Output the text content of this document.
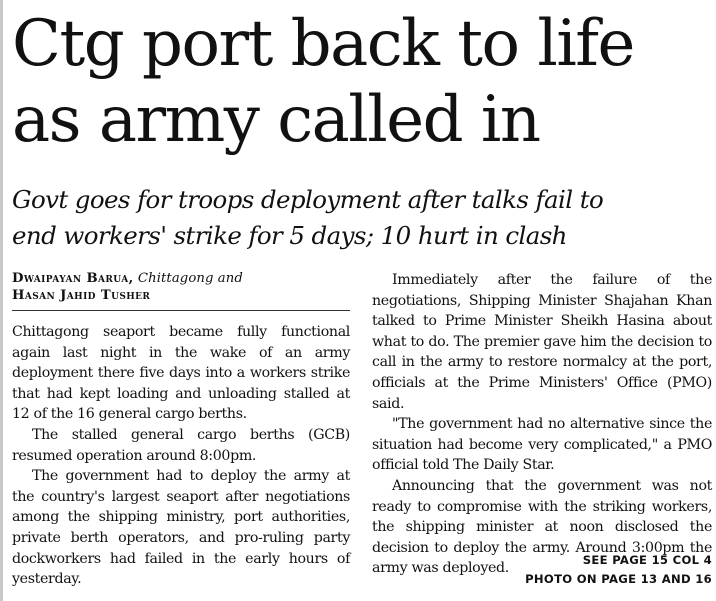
Ctg port back to life
as army called in
Govt goes for troops deployment after talks fail to
end workers' strike for 5 days; 10 hurt in clash
Dwaipayan Barua, Chittagong and
Hasan Jahid Tusher

Chittagong seaport became fully functional again last night in the wake of an army deployment there five days into a workers strike that had kept loading and unloading stalled at 12 of the 16 general cargo berths.

The stalled general cargo berths (GCB) resumed operation around 8:00pm.

The government had to deploy the army at the country's largest seaport after negotiations among the shipping ministry, port authorities, private berth operators, and pro-ruling party dockworkers had failed in the early hours of yesterday.

Immediately after the failure of the negotiations, Shipping Minister Shajahan Khan talked to Prime Minister Sheikh Hasina about what to do. The premier gave him the decision to call in the army to restore normalcy at the port, officials at the Prime Ministers' Office (PMO) said.

"The government had no alternative since the situation had become very complicated," a PMO official told The Daily Star.

Announcing that the government was not ready to compromise with the striking workers, the shipping minister at noon disclosed the decision to deploy the army. Around 3:00pm the army was deployed.

SEE PAGE 15 COL 4
PHOTO ON PAGE 13 AND 16
